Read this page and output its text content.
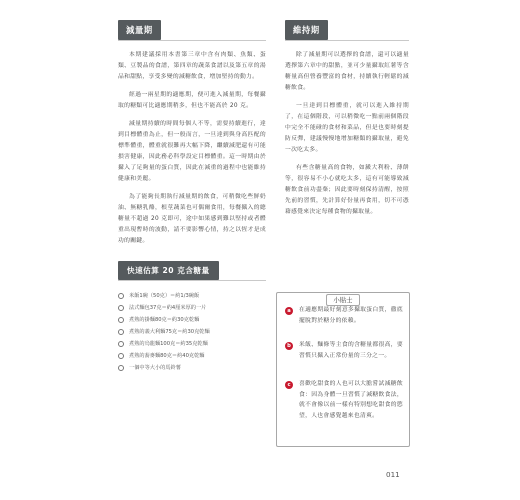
減量期

本期建議採用本書第三章中含有肉類、魚類、蛋類、豆製品的食譜，第四章的蔬菜食譜以及第五章的湯品和甜點，享受多變的減糖飲食，增加堅持的動力。

經過一兩星期的適應期，便可進入減量期，每餐攝取的糖類可比適應期稍多，但也不能高於 20 克。

減量期持續的時間每個人不等，需要持續進行，達到目標體重為止，但一般而言，一旦達到與身高匹配的標準體重，體重就很難再大幅下降，繼續減肥還有可能損害健康，因此務必科學設定目標體重。這一時期由於攝入了足夠量的蛋白質，因此在減重的過程中也能維持健康和美麗。

為了能夠長期執行減量期的飲食，可稍微吃些鮮奶油、無糖乳酪，根莖蔬菜也可偶爾食用，每餐攝入的總糖量不超過 20 克即可，途中如果感到難以堅持或者體重出現暫時的波動，請不要影響心情，持之以恆才是成功的關鍵。

快速估算 20 克含糖量
米飯1碗（50克）＝約1/3碗飯
法式麵包37克＝約4厘米厚的一片
煮熟的掛麵80克＝約30克乾麵
煮熟的義大利麵75克＝約30克乾麵
煮熟的烏龍麵100克＝約35克乾麵
煮熟的蕎麥麵80克＝約40克乾麵
一個中等大小的馬鈴薯
維持期

除了減量期可以選擇的食譜，還可以適量選擇第六章中的甜點，並可少量攝取紅薯等含糖量高但營養豐富的食材，持續執行輕鬆的減糖飲食。

一旦達到目標體重，就可以進入維持期了，在這個階段，可以稍微吃一點前兩個階段中完全不能碰的食材和菜品，但是也要時刻提防反彈，建議慢慢地增加糖類的攝取量，避免一次吃太多。

有些含糖量高的食物，如澱大利粉、薄餅等，很容易不小心就吃太多，這有可能導致減糖飲食前功盡棄；因此要時刻保持清醒，按照先前的習慣，先計算好份量再食用，切不可憑藉感覺來決定每種食物的攝取量。

小貼士
a	在適應期最好刻意多攝取蛋白質，徹底擺脫對於糖分的依賴。
b	米飯、麵條等主食的含糖量都很高，要習慣只攝入正常份量的三分之一。
c	喜歡吃甜食的人也可以大膽嘗試減糖飲食：因為身體一旦習慣了減糖飲食法，就不會像以前一樣有特別想吃甜食的慾望，人也會感覺越來也清爽。
011
